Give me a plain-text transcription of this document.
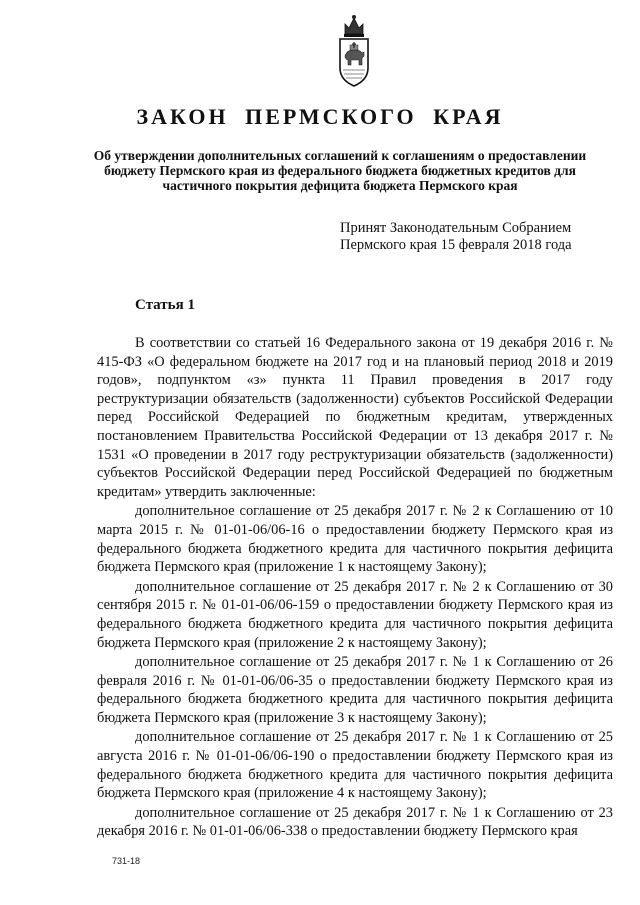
ЗАКОН ПЕРМСКОГО КРАЯ
Об утверждении дополнительных соглашений к соглашениям о предоставлении бюджету Пермского края из федерального бюджета бюджетных кредитов для частичного покрытия дефицита бюджета Пермского края
Принят Законодательным Собранием
Пермского края 15 февраля 2018 года
Статья 1

В соответствии со статьей 16 Федерального закона от 19 декабря 2016 г. № 415-ФЗ «О федеральном бюджете на 2017 год и на плановый период 2018 и 2019 годов», подпунктом «з» пункта 11 Правил проведения в 2017 году реструктуризации обязательств (задолженности) субъектов Российской Федерации перед Российской Федерацией по бюджетным кредитам, утвержденных постановлением Правительства Российской Федерации от 13 декабря 2017 г. № 1531 «О проведении в 2017 году реструктуризации обязательств (задолженности) субъектов Российской Федерации перед Российской Федерацией по бюджетным кредитам» утвердить заключенные:

дополнительное соглашение от 25 декабря 2017 г. № 2 к Соглашению от 10 марта 2015 г. № 01-01-06/06-16 о предоставлении бюджету Пермского края из федерального бюджета бюджетного кредита для частичного покрытия дефицита бюджета Пермского края (приложение 1 к настоящему Закону);

дополнительное соглашение от 25 декабря 2017 г. № 2 к Соглашению от 30 сентября 2015 г. № 01-01-06/06-159 о предоставлении бюджету Пермского края из федерального бюджета бюджетного кредита для частичного покрытия дефицита бюджета Пермского края (приложение 2 к настоящему Закону);

дополнительное соглашение от 25 декабря 2017 г. № 1 к Соглашению от 26 февраля 2016 г. № 01-01-06/06-35 о предоставлении бюджету Пермского края из федерального бюджета бюджетного кредита для частичного покрытия дефицита бюджета Пермского края (приложение 3 к настоящему Закону);

дополнительное соглашение от 25 декабря 2017 г. № 1 к Соглашению от 25 августа 2016 г. № 01-01-06/06-190 о предоставлении бюджету Пермского края из федерального бюджета бюджетного кредита для частичного покрытия дефицита бюджета Пермского края (приложение 4 к настоящему Закону);

дополнительное соглашение от 25 декабря 2017 г. № 1 к Соглашению от 23 декабря 2016 г. № 01-01-06/06-338 о предоставлении бюджету Пермского края

731-18
